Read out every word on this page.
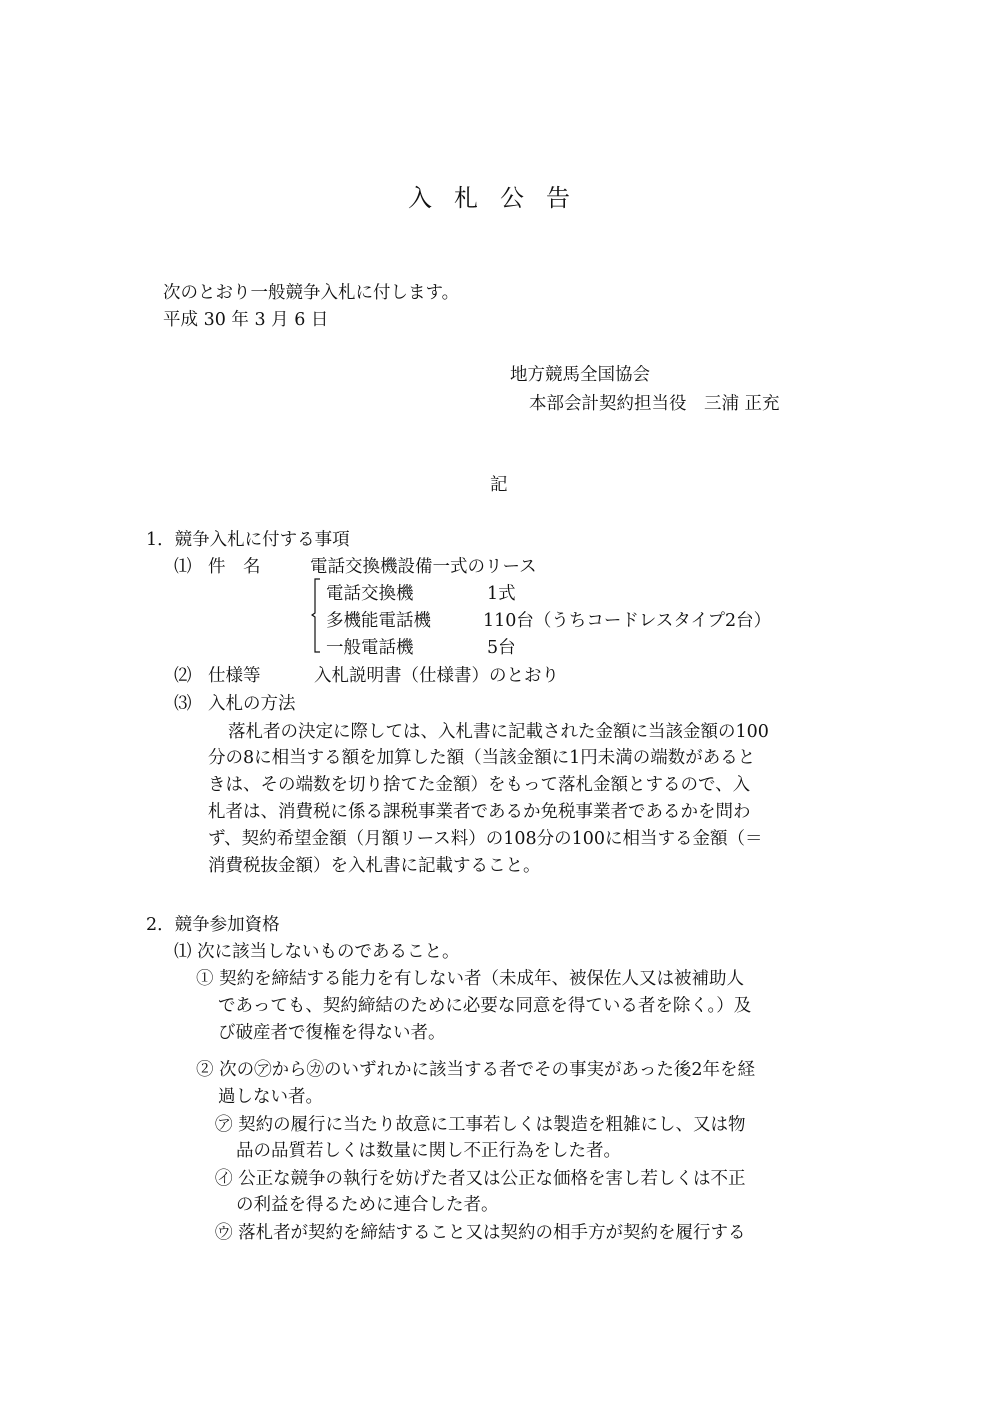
入札公告
次のとおり一般競争入札に付します。
平成 30 年 3 月 6 日
地方競馬全国協会
本部会計契約担当役　三浦 正充
記
1．競争入札に付する事項
⑴ 件　名	電話交換機設備一式のリース
電話交換機	1式
多機能電話機	110台（うちコードレスタイプ2台）
一般電話機	5台
⑵ 仕様等	入札説明書（仕様書）のとおり
⑶ 入札の方法
落札者の決定に際しては、入札書に記載された金額に当該金額の100
分の8に相当する額を加算した額（当該金額に1円未満の端数があると
きは、その端数を切り捨てた金額）をもって落札金額とするので、入
札者は、消費税に係る課税事業者であるか免税事業者であるかを問わ
ず、契約希望金額（月額リース料）の108分の100に相当する金額（＝
消費税抜金額）を入札書に記載すること。
2．競争参加資格
⑴ 次に該当しないものであること。
① 契約を締結する能力を有しない者（未成年、被保佐人又は被補助人
であっても、契約締結のために必要な同意を得ている者を除く。）及
び破産者で復権を得ない者。
② 次の㋐から㋕のいずれかに該当する者でその事実があった後2年を経
過しない者。
㋐ 契約の履行に当たり故意に工事若しくは製造を粗雑にし、又は物
品の品質若しくは数量に関し不正行為をした者。
㋑ 公正な競争の執行を妨げた者又は公正な価格を害し若しくは不正
の利益を得るために連合した者。
㋒ 落札者が契約を締結すること又は契約の相手方が契約を履行する
